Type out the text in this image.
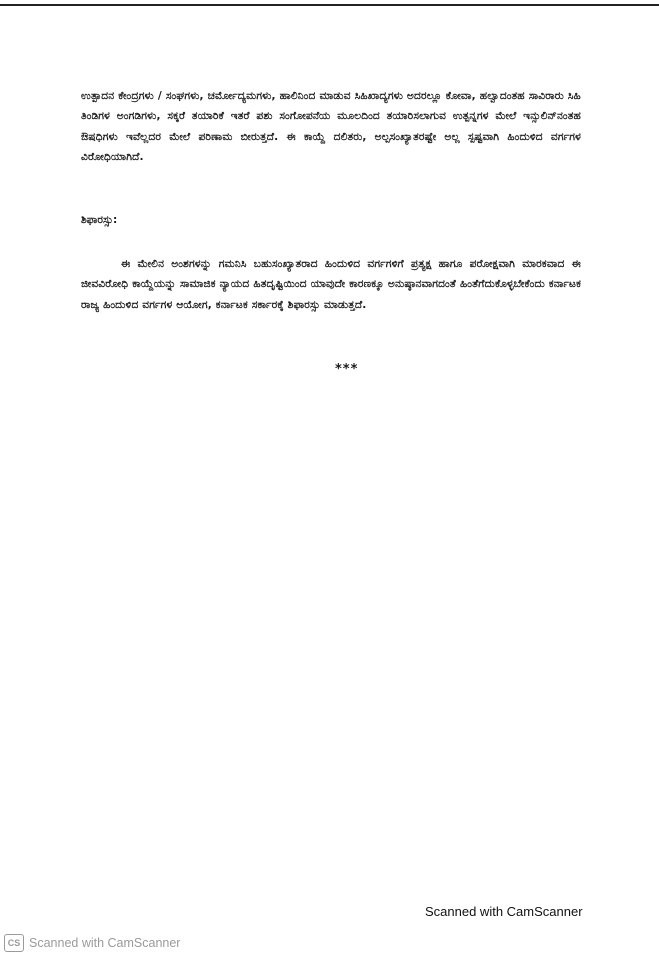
ಉತ್ಪಾದನ ಕೇಂದ್ರಗಳು / ಸಂಘಗಳು, ಚರ್ಮೋದ್ಯಮಗಳು, ಹಾಲಿನಿಂದ ಮಾಡುವ ಸಿಹಿಖಾದ್ಯಗಳು ಅದರಲ್ಲೂ ಕೋವಾ, ಹಲ್ವಾದಂತಹ ಸಾವಿರಾರು ಸಿಹಿ ತಿಂಡಿಗಳ ಅಂಗಡಿಗಳು, ಸಕ್ಕರೆ ತಯಾರಿಕೆ ಇತರೆ ಪಶು ಸಂಗೋಪನೆಯ ಮೂಲದಿಂದ ತಯಾರಿಸಲಾಗುವ ಉತ್ಪನ್ನಗಳ ಮೇಲೆ ಇನ್ಸುಲಿನ್‌ನಂತಹ ಔಷಧಿಗಳು ಇವೆಲ್ಲದರ ಮೇಲೆ ಪರಿಣಾಮ ಬೀರುತ್ತದೆ. ಈ ಕಾಯ್ದೆ ದಲಿತರು, ಅಲ್ಪಸಂಖ್ಯಾತರಷ್ಟೇ ಅಲ್ಲ ಸ್ಪಷ್ಟವಾಗಿ ಹಿಂದುಳಿದ ವರ್ಗಗಳ ವಿರೋಧಿಯಾಗಿದೆ.

ಶಿಫಾರಸ್ಸು:

ಈ ಮೇಲಿನ ಅಂಶಗಳನ್ನು ಗಮನಿಸಿ ಬಹುಸಂಖ್ಯಾತರಾದ ಹಿಂದುಳಿದ ವರ್ಗಗಳಿಗೆ ಪ್ರತ್ಯಕ್ಷ ಹಾಗೂ ಪರೋಕ್ಷವಾಗಿ ಮಾರಕವಾದ ಈ ಜೀವವಿರೋಧಿ ಕಾಯ್ದೆಯನ್ನು ಸಾಮಾಜಿಕ ನ್ಯಾಯದ ಹಿತದೃಷ್ಟಿಯಿಂದ ಯಾವುದೇ ಕಾರಣಕ್ಕೂ ಅನುಷ್ಠಾನವಾಗದಂತೆ ಹಿಂತೆಗೆದುಕೊಳ್ಳಬೇಕೆಂದು ಕರ್ನಾಟಕ ರಾಜ್ಯ ಹಿಂದುಳಿದ ವರ್ಗಗಳ ಆಯೋಗ, ಕರ್ನಾಟಕ ಸರ್ಕಾರಕ್ಕೆ ಶಿಫಾರಸ್ಸು ಮಾಡುತ್ತದೆ.

***
Scanned with CamScanner
CS Scanned with CamScanner
